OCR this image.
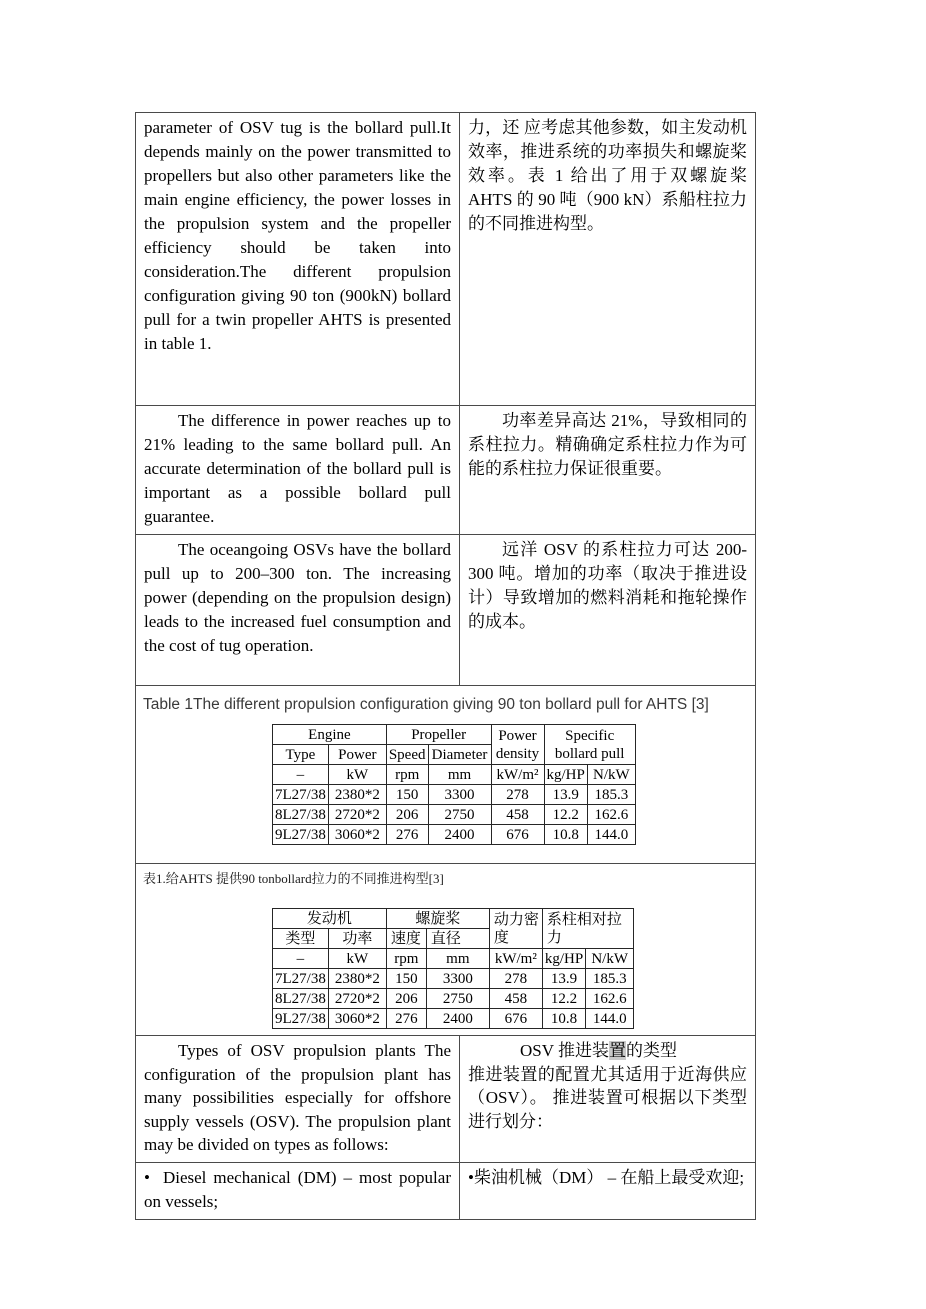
parameter of OSV tug is the bollard pull.It depends mainly on the power transmitted to propellers but also other parameters like the main engine efficiency, the power losses in the propulsion system and the propeller efficiency should be taken into consideration.The different propulsion configuration giving 90 ton (900kN) bollard pull for a twin propeller AHTS is presented in table 1.

力，还 应考虑其他参数，如主发动机效率，推进系统的功率损失和螺旋桨效率。表 1 给出了用于双螺旋桨 AHTS 的 90 吨（900 kN）系船柱拉力的不同推进构型。

The difference in power reaches up to 21% leading to the same bollard pull. An accurate determination of the bollard pull is important as a possible bollard pull guarantee.

功率差异高达 21%，导致相同的系柱拉力。精确确定系柱拉力作为可能的系柱拉力保证很重要。

The oceangoing OSVs have the bollard pull up to 200–300 ton. The increasing power (depending on the propulsion design) leads to the increased fuel consumption and the cost of tug operation.

远洋 OSV 的系柱拉力可达 200-300 吨。增加的功率（取决于推进设计）导致增加的燃料消耗和拖轮操作的成本。

Table 1The different propulsion configuration giving 90 ton bollard pull for AHTS [3]
Engine		Propeller		Power density	Specific bollard pull	
Type	Power	Speed	Diameter			
–	kW	rpm	mm	kW/m²	kg/HP	N/kW
7L27/38	2380*2	150	3300	278	13.9	185.3
8L27/38	2720*2	206	2750	458	12.2	162.6
9L27/38	3060*2	276	2400	676	10.8	144.0
表1.给AHTS 提供90 tonbollard拉力的不同推进构型[3]
发动机		螺旋桨		动力密度	系柱相对拉力	
类型	功率	速度	直径			
–	kW	rpm	mm	kW/m²	kg/HP	N/kW
7L27/38	2380*2	150	3300	278	13.9	185.3
8L27/38	2720*2	206	2750	458	12.2	162.6
9L27/38	3060*2	276	2400	676	10.8	144.0

Types of OSV propulsion plants The configuration of the propulsion plant has many possibilities especially for offshore supply vessels (OSV). The propulsion plant may be divided on types as follows:

OSV 推进装置的类型

推进装置的配置尤其适用于近海供应（OSV）。 推进装置可根据以下类型进行划分：

• Diesel mechanical (DM) – most popular on vessels;

•柴油机械（DM） – 在船上最受欢迎;
